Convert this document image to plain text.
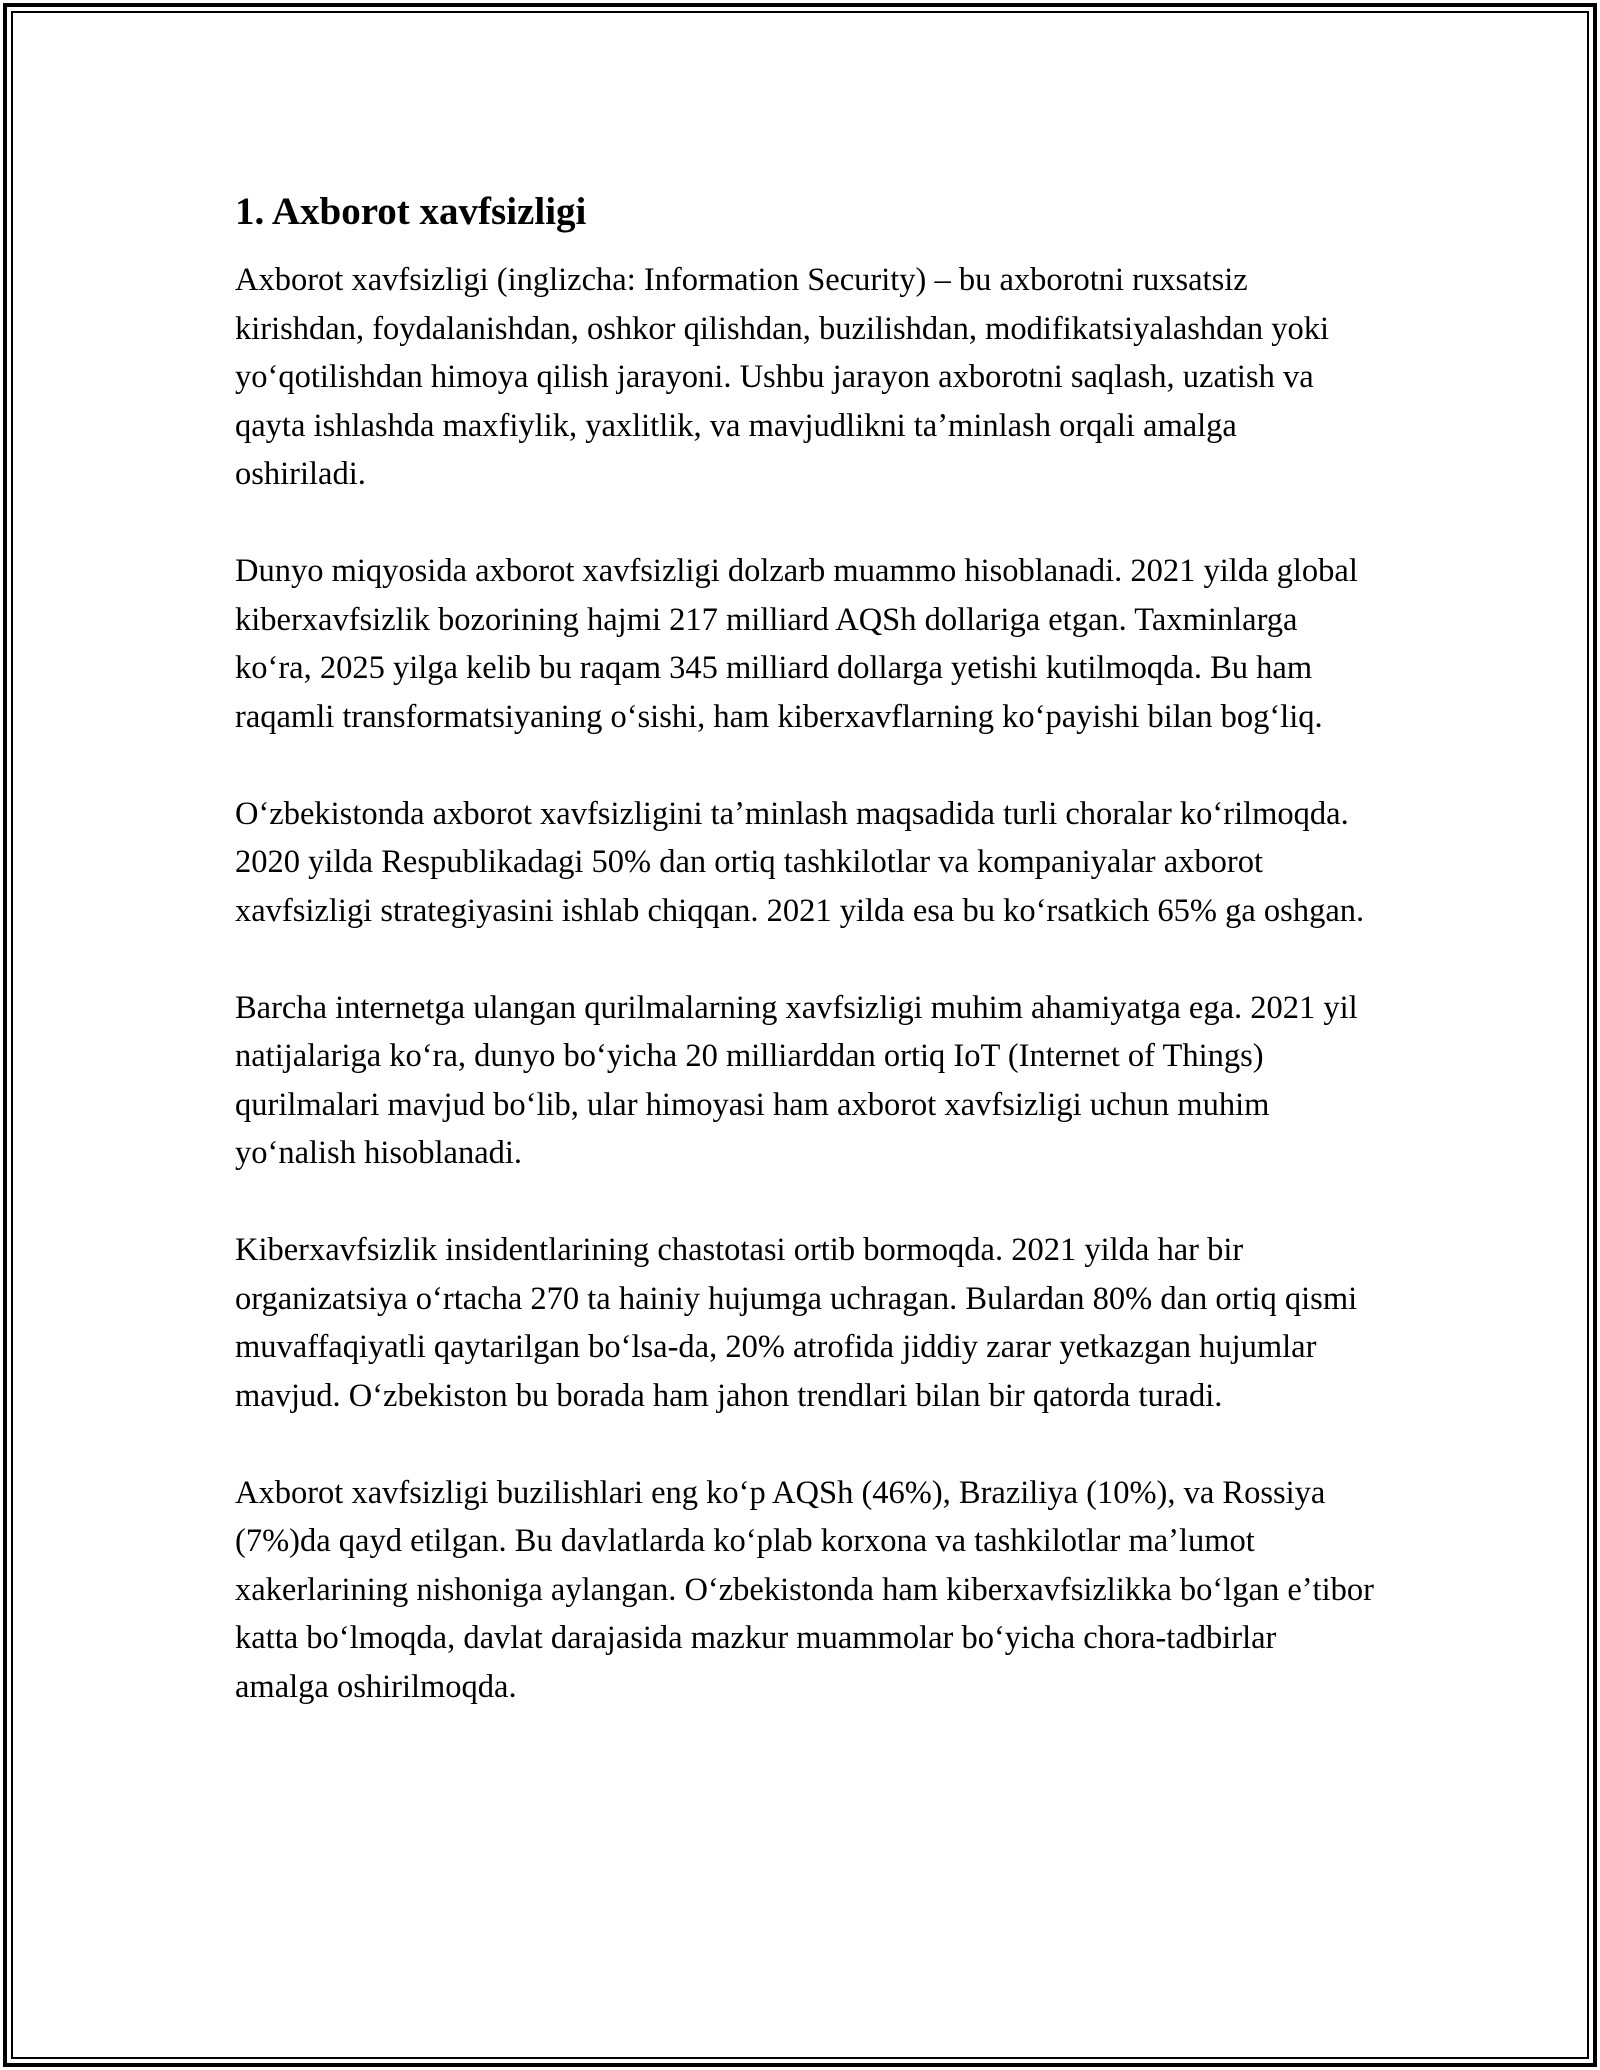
1. Axborot xavfsizligi

Axborot xavfsizligi (inglizcha: Information Security) – bu axborotni ruxsatsiz kirishdan, foydalanishdan, oshkor qilishdan, buzilishdan, modifikatsiyalashdan yoki yoʻqotilishdan himoya qilish jarayoni. Ushbu jarayon axborotni saqlash, uzatish va qayta ishlashda maxfiylik, yaxlitlik, va mavjudlikni taʼminlash orqali amalga oshiriladi.

Dunyo miqyosida axborot xavfsizligi dolzarb muammo hisoblanadi. 2021 yilda global kiberxavfsizlik bozorining hajmi 217 milliard AQSh dollariga etgan. Taxminlarga koʻra, 2025 yilga kelib bu raqam 345 milliard dollarga yetishi kutilmoqda. Bu ham raqamli transformatsiyaning oʻsishi, ham kiberxavflarning koʻpayishi bilan bogʻliq.

Oʻzbekistonda axborot xavfsizligini taʼminlash maqsadida turli choralar koʻrilmoqda. 2020 yilda Respublikadagi 50% dan ortiq tashkilotlar va kompaniyalar axborot xavfsizligi strategiyasini ishlab chiqqan. 2021 yilda esa bu koʻrsatkich 65% ga oshgan.

Barcha internetga ulangan qurilmalarning xavfsizligi muhim ahamiyatga ega. 2021 yil natijalariga koʻra, dunyo boʻyicha 20 milliarddan ortiq IoT (Internet of Things) qurilmalari mavjud boʻlib, ular himoyasi ham axborot xavfsizligi uchun muhim yoʻnalish hisoblanadi.

Kiberxavfsizlik insidentlarining chastotasi ortib bormoqda. 2021 yilda har bir organizatsiya oʻrtacha 270 ta hainiy hujumga uchragan. Bulardan 80% dan ortiq qismi muvaffaqiyatli qaytarilgan boʻlsa-da, 20% atrofida jiddiy zarar yetkazgan hujumlar mavjud. Oʻzbekiston bu borada ham jahon trendlari bilan bir qatorda turadi.

Axborot xavfsizligi buzilishlari eng koʻp AQSh (46%), Braziliya (10%), va Rossiya (7%)da qayd etilgan. Bu davlatlarda koʻplab korxona va tashkilotlar maʼlumot xakerlarining nishoniga aylangan. Oʻzbekistonda ham kiberxavfsizlikka boʻlgan eʼtibor katta boʻlmoqda, davlat darajasida mazkur muammolar boʻyicha chora-tadbirlar amalga oshirilmoqda.
